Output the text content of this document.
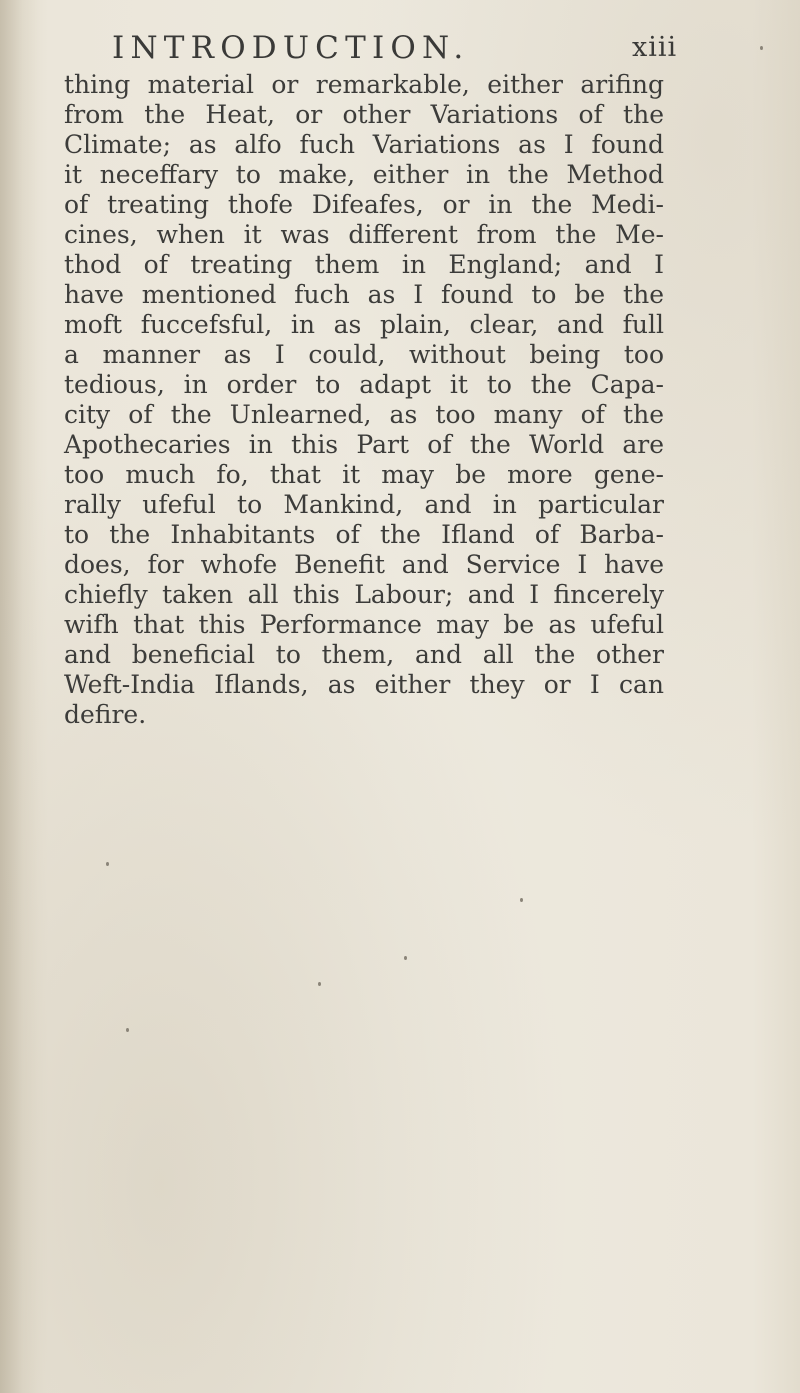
INTRODUCTION.	xiii
thing material or remarkable, either arifing
from the Heat, or other Variations of the
Climate; as alfo fuch Variations as I found
it neceffary to make, either in the Method
of treating thofe Difeafes, or in the Medi-
cines, when it was different from the Me-
thod of treating them in England; and I
have mentioned fuch as I found to be the
moft fuccefsful, in as plain, clear, and full
a manner as I could, without being too
tedious, in order to adapt it to the Capa-
city of the Unlearned, as too many of the
Apothecaries in this Part of the World are
too much fo, that it may be more gene-
rally ufeful to Mankind, and in particular
to the Inhabitants of the Ifland of Barba-
does, for whofe Benefit and Service I have
chiefly taken all this Labour; and I fincerely
wifh that this Performance may be as ufeful
and beneficial to them, and all the other
Weft-India Iflands, as either they or I can
defire.
